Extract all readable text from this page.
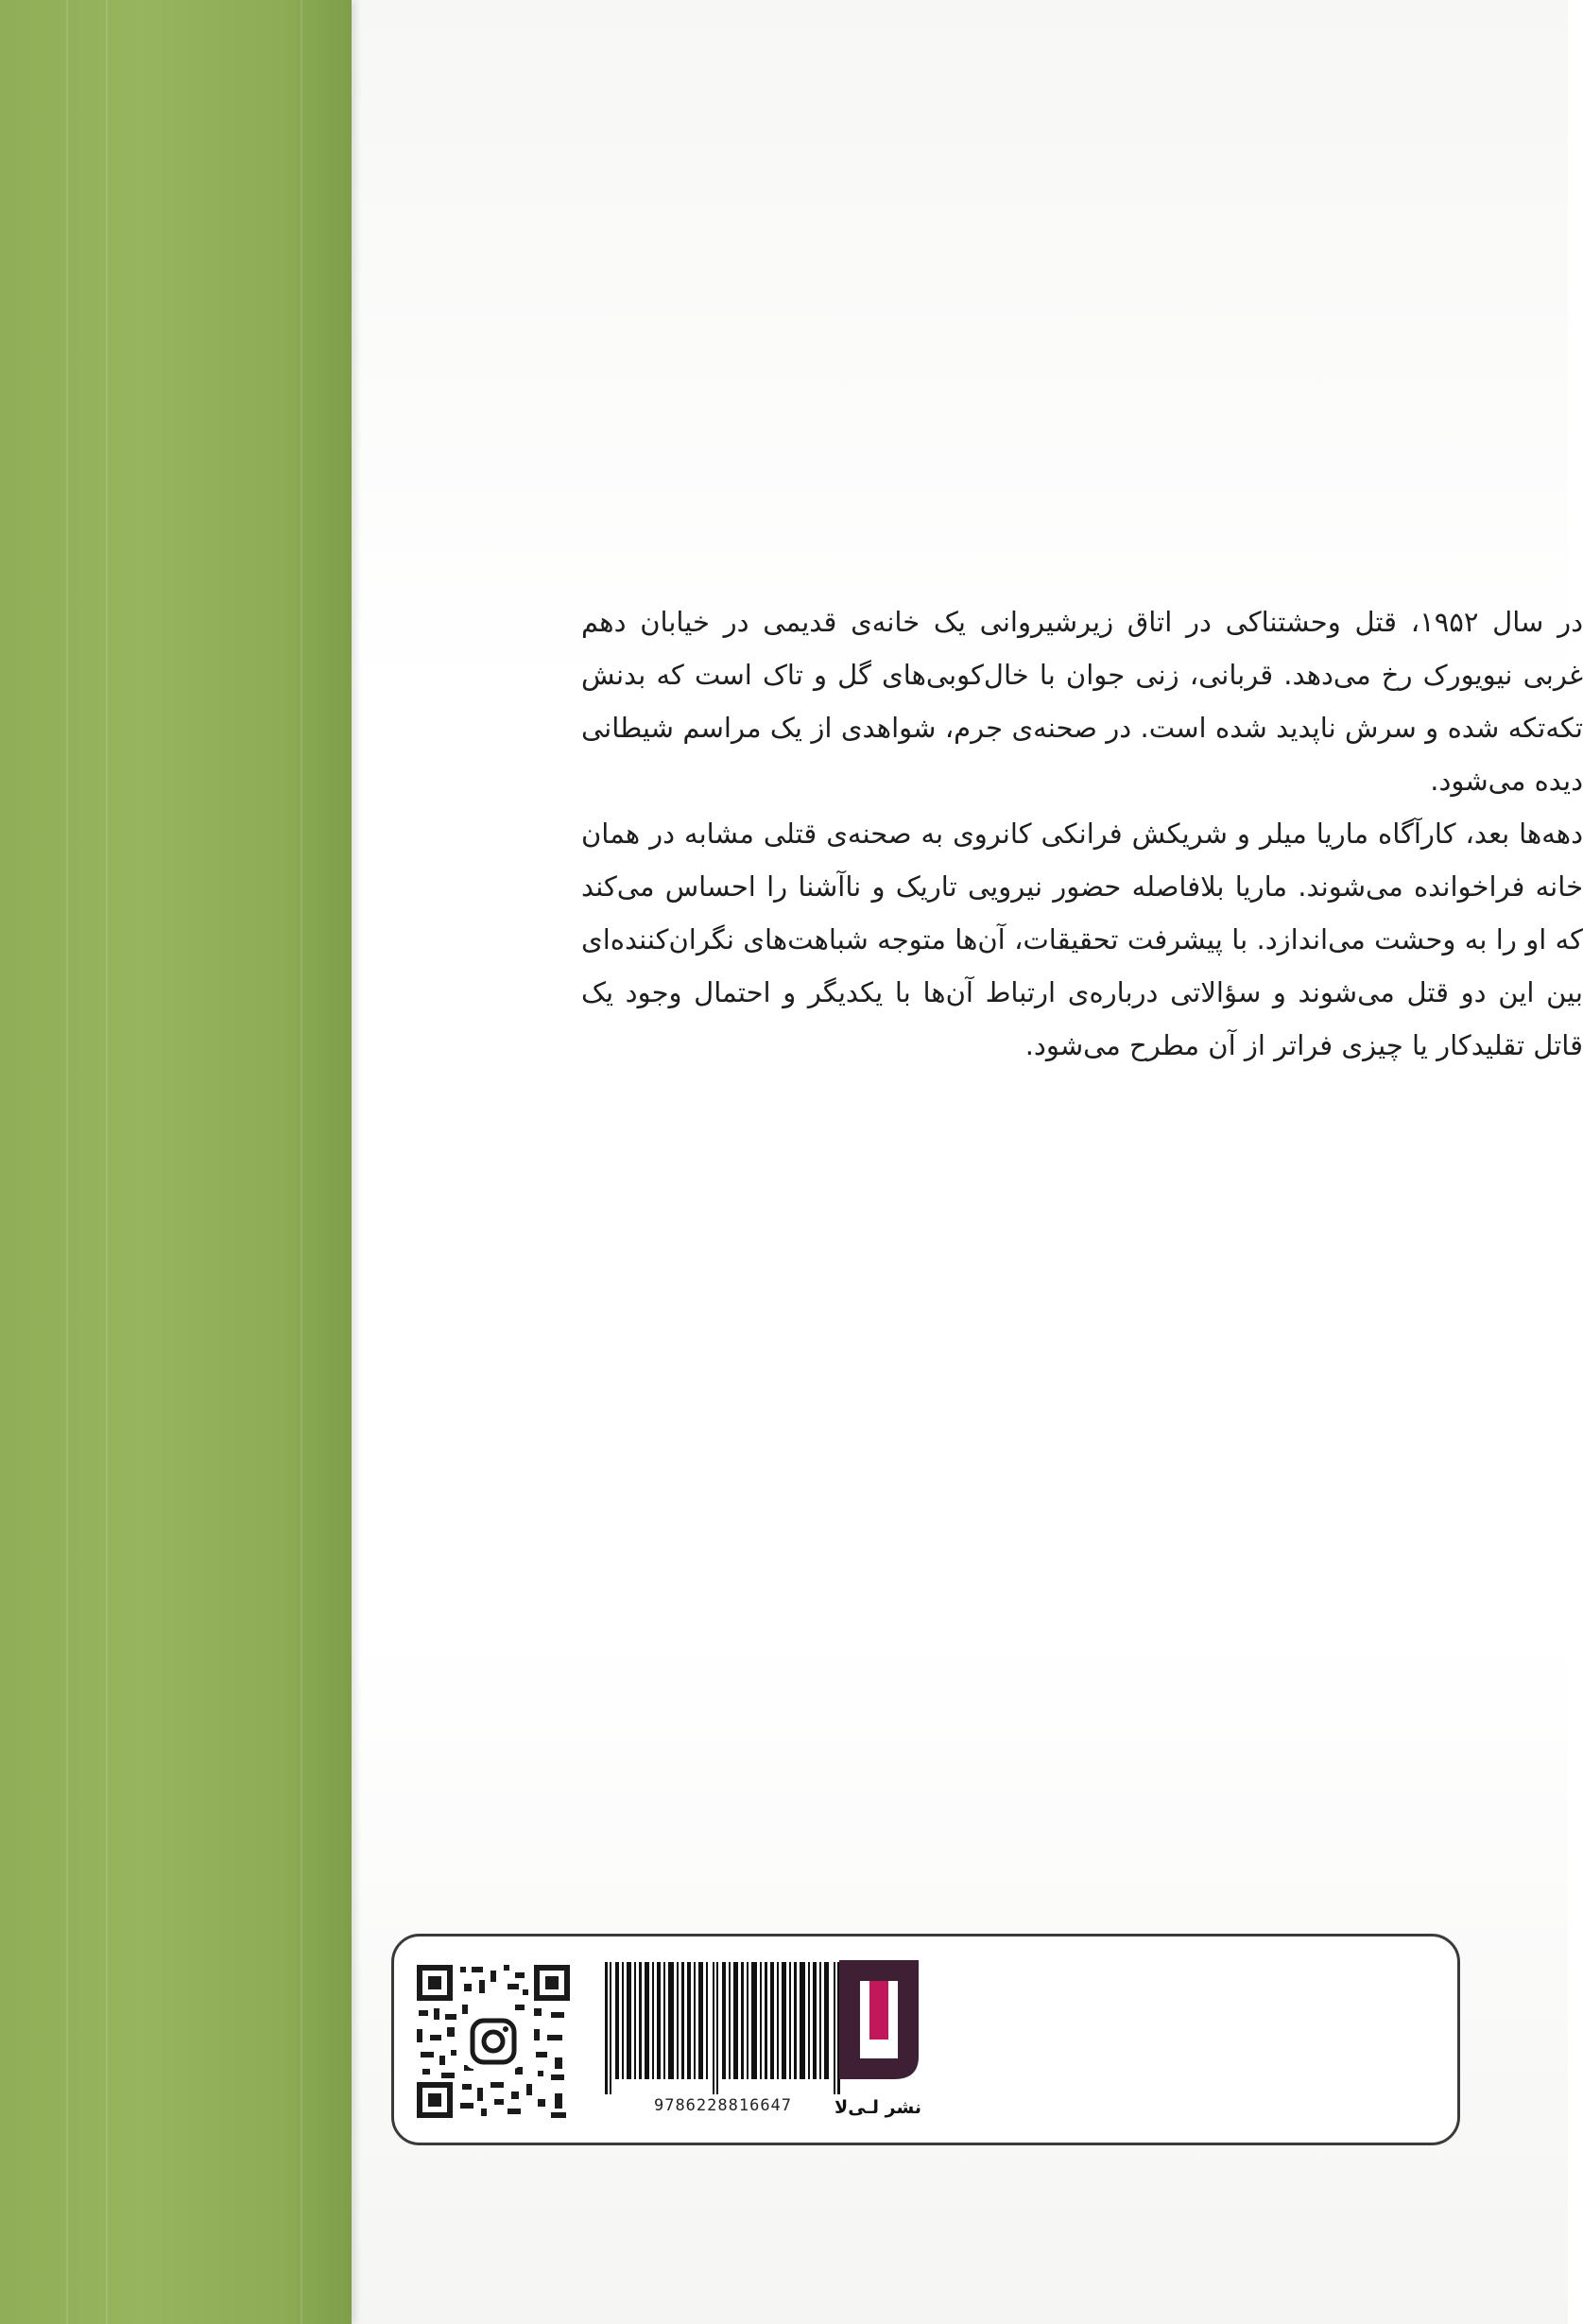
در سال ۱۹۵۲، قتل وحشتناکی در اتاق زیرشیروانی یک خانه‌ی قدیمی در خیابان دهم غربی نیویورک رخ می‌دهد. قربانی، زنی جوان با خال‌کوبی‌های گل و تاک است که بدنش تکه‌تکه شده و سرش ناپدید شده است. در صحنه‌ی جرم، شواهدی از یک مراسم شیطانی دیده می‌شود.

دهه‌ها بعد، کارآگاه ماریا میلر و شریکش فرانکی کانروی به صحنه‌ی قتلی مشابه در همان خانه فراخوانده می‌شوند. ماریا بلافاصله حضور نیرویی تاریک و ناآشنا را احساس می‌کند که او را به وحشت می‌اندازد. با پیشرفت تحقیقات، آن‌ها متوجه شباهت‌های نگران‌کننده‌ای بین این دو قتل می‌شوند و سؤالاتی درباره‌ی ارتباط آن‌ها با یکدیگر و احتمال وجود یک قاتل تقلیدکار یا چیزی فراتر از آن مطرح می‌شود.

9786228816647	نشر لـی‌لا
